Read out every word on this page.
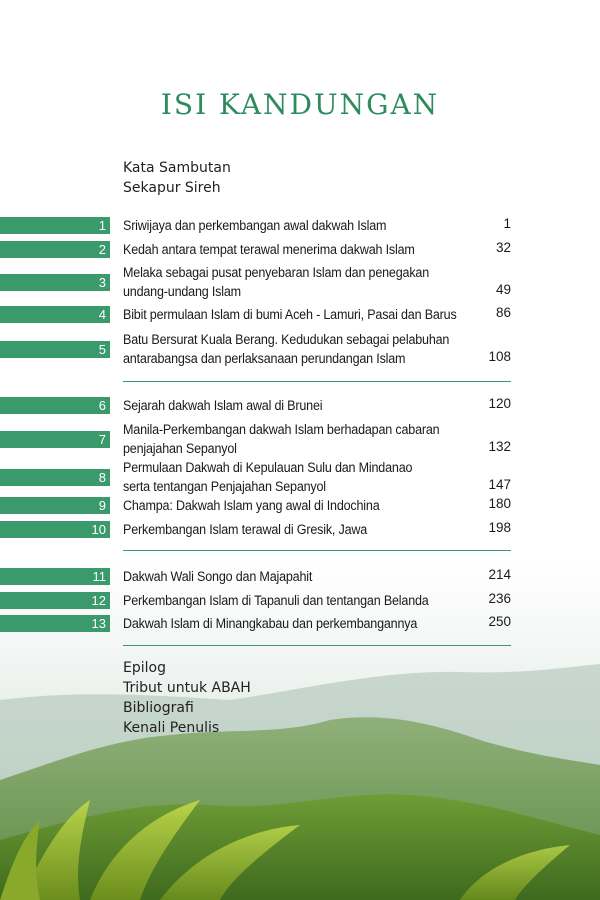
ISI KANDUNGAN
Kata Sambutan
Sekapur Sireh
1 Sriwijaya dan perkembangan awal dakwah Islam	1
2 Kedah antara tempat terawal menerima dakwah Islam	32
3
Melaka sebagai pusat penyebaran Islam dan penegakan
undang-undang Islam	49
4 Bibit permulaan Islam di bumi Aceh - Lamuri, Pasai dan Barus	86
5
Batu Bersurat Kuala Berang. Kedudukan sebagai pelabuhan
antarabangsa dan perlaksanaan perundangan Islam	108
6 Sejarah dakwah Islam awal di Brunei	120
7
Manila-Perkembangan dakwah Islam berhadapan cabaran
penjajahan Sepanyol	132
8
Permulaan Dakwah di Kepulauan Sulu dan Mindanao
serta tentangan Penjajahan Sepanyol	147
9 Champa: Dakwah Islam yang awal di Indochina	180
10 Perkembangan Islam terawal di Gresik, Jawa	198
11 Dakwah Wali Songo dan Majapahit	214
12 Perkembangan Islam di Tapanuli dan tentangan Belanda	236
13 Dakwah Islam di Minangkabau dan perkembangannya	250
Epilog
Tribut untuk ABAH
Bibliografi
Kenali Penulis
